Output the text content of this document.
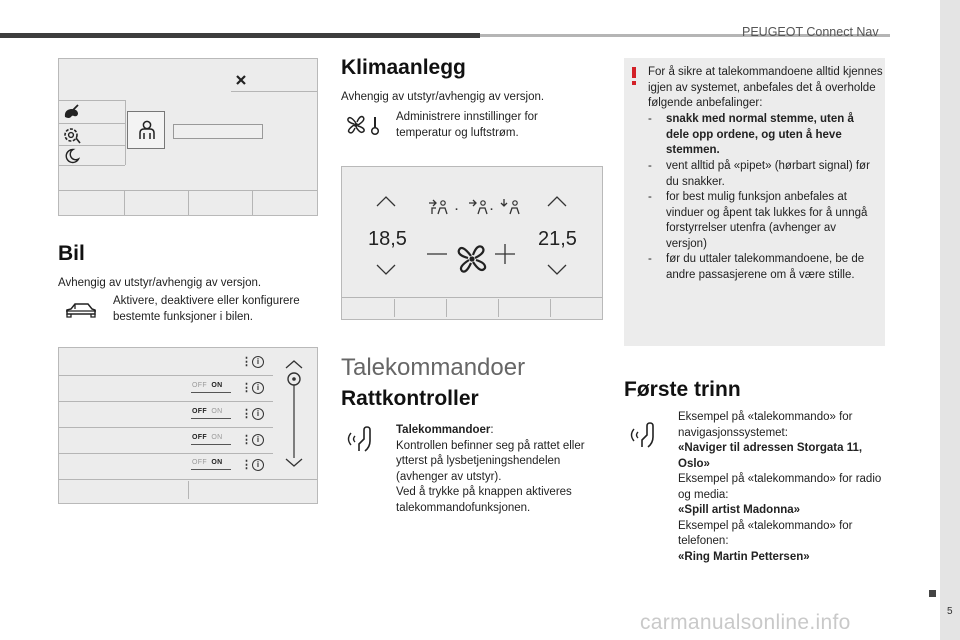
PEUGEOT Connect Nav
5
carmanualsonline.info
Bil
Avhengig av utstyr/avhengig av versjon.
Aktivere, deaktivere eller konfigurere bestemte funksjoner i bilen.
⋮ i
OFF ON ⋮ i
OFF ON ⋮ i
OFF ON ⋮ i
OFF ON ⋮ i
Klimaanlegg
Avhengig av utstyr/avhengig av versjon.
Administrere innstillinger for temperatur og luftstrøm.
18,5	21,5
·	·
Talekommandoer
Rattkontroller
Talekommandoer:
Kontrollen befinner seg på rattet eller ytterst på lysbetjeningshendelen (avhenger av utstyr).
Ved å trykke på knappen aktiveres talekommandofunksjonen.
For å sikre at talekommandoene alltid kjennes igjen av systemet, anbefales det å overholde følgende anbefalinger:
- snakk med normal stemme, uten å dele opp ordene, og uten å heve stemmen.
- vent alltid på «pipet» (hørbart signal) før du snakker.
- for best mulig funksjon anbefales at vinduer og åpent tak lukkes for å unngå forstyrrelser utenfra (avhenger av versjon)
- før du uttaler talekommandoene, be de andre passasjerene om å være stille.
Første trinn
Eksempel på «talekommando» for navigasjonssystemet:
«Naviger til adressen Storgata 11, Oslo»
Eksempel på «talekommando» for radio og media:
«Spill artist Madonna»
Eksempel på «talekommando» for telefonen:
«Ring Martin Pettersen»
